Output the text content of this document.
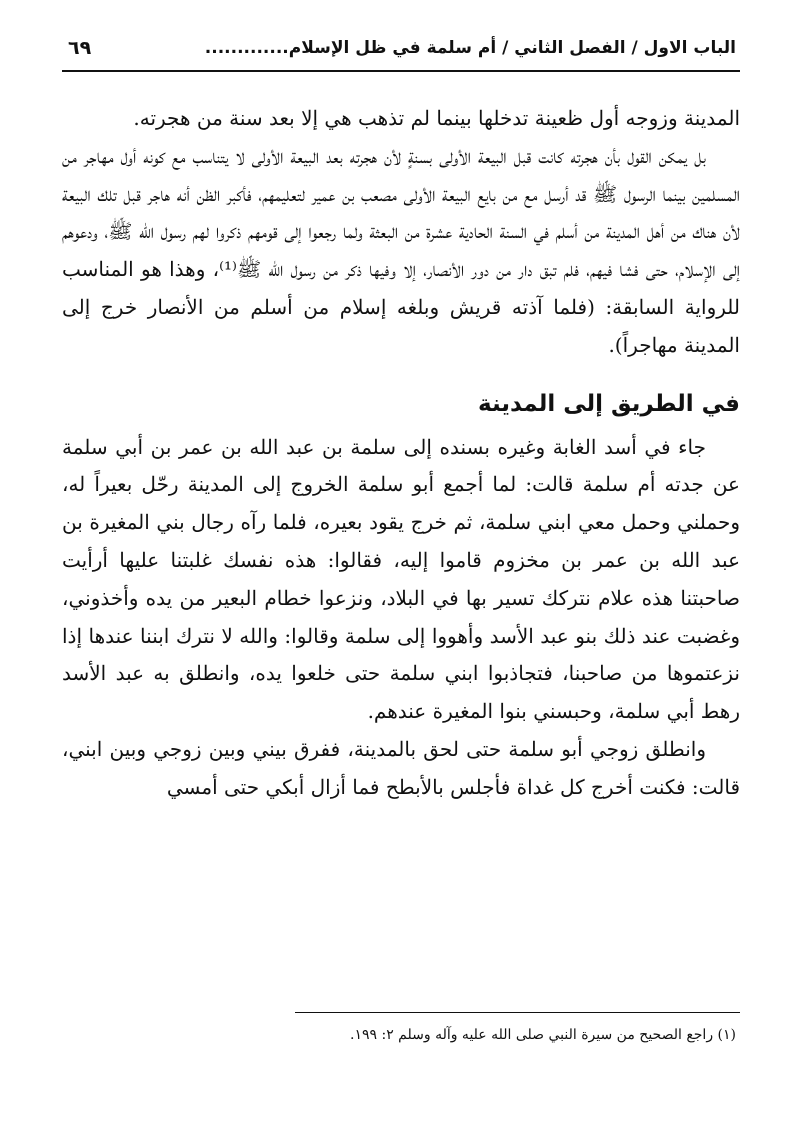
الباب الاول / الفصل الثاني / أم سلمة في ظل الإسلام.............
٦٩

المدينة وزوجه أول ظعينة تدخلها بينما لم تذهب هي إلا بعد سنة من هجرته.

بل يمكن القول بأن هجرته كانت قبل البيعة الأولى بسنةٍ لأن هجرته بعد البيعة الأولى لا يتناسب مع كونه أول مهاجر من المسلمين بينما الرسول ﷺ قد أرسل مع من بايع البيعة الأولى مصعب بن عمير لتعليمهم، فأكبر الظن أنه هاجر قبل تلك البيعة لأن هناك من أهل المدينة من أسلم في السنة الحادية عشرة من البعثة ولما رجعوا إلى قومهم ذكروا لهم رسول الله ﷺ، ودعوهم إلى الإسلام، حتى فشا فيهم، فلم تبق دار من دور الأنصار، إلا وفيها ذكر من رسول الله ﷺ⁽¹⁾، وهذا هو المناسب للرواية السابقة: (فلما آذته قريش وبلغه إسلام من أسلم من الأنصار خرج إلى المدينة مهاجراً).

في الطريق إلى المدينة

جاء في أسد الغابة وغيره بسنده إلى سلمة بن عبد الله بن عمر بن أبي سلمة عن جدته أم سلمة قالت: لما أجمع أبو سلمة الخروج إلى المدينة رحّل بعيراً له، وحملني وحمل معي ابني سلمة، ثم خرج يقود بعيره، فلما رآه رجال بني المغيرة بن عبد الله بن عمر بن مخزوم قاموا إليه، فقالوا: هذه نفسك غلبتنا عليها أرأيت صاحبتنا هذه علام نتركك تسير بها في البلاد، ونزعوا خطام البعير من يده وأخذوني، وغضبت عند ذلك بنو عبد الأسد وأهووا إلى سلمة وقالوا: والله لا نترك ابننا عندها إذا نزعتموها من صاحبنا، فتجاذبوا ابني سلمة حتى خلعوا يده، وانطلق به عبد الأسد رهط أبي سلمة، وحبسني بنوا المغيرة عندهم.

وانطلق زوجي أبو سلمة حتى لحق بالمدينة، ففرق بيني وبين زوجي وبين ابني، قالت: فكنت أخرج كل غداة فأجلس بالأبطح فما أزال أبكي حتى أمسي

(١) راجع الصحيح من سيرة النبي صلى الله عليه وآله وسلم ٢: ١٩٩.
